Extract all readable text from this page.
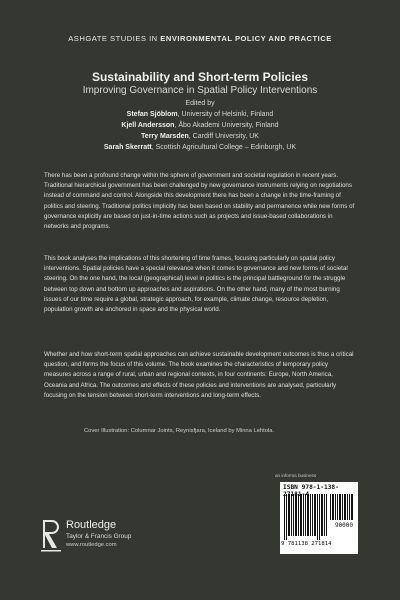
ASHGATE STUDIES IN ENVIRONMENTAL POLICY AND PRACTICE
Sustainability and Short-term Policies
Improving Governance in Spatial Policy Interventions
Edited by
Stefan Sjöblom, University of Helsinki, Finland
Kjell Andersson, Åbo Akademi University, Finland
Terry Marsden, Cardiff University, UK
Sarah Skerratt, Scottish Agricultural College – Edinburgh, UK
There has been a profound change within the sphere of government and societal regulation in recent years. Traditional hierarchical government has been challenged by new governance instruments relying on negotiations instead of command and control. Alongside this development there has been a change in the time-framing of politics and steering. Traditional politics implicitly has been based on stability and permanence while new forms of governance explicitly are based on just-in-time actions such as projects and issue-based collaborations in networks and programs.
This book analyses the implications of this shortening of time frames, focusing particularly on spatial policy interventions. Spatial policies have a special relevance when it comes to governance and new forms of societal steering. On the one hand, the local (geographical) level in politics is the principal battleground for the struggle between top down and bottom up approaches and aspirations. On the other hand, many of the most burning issues of our time require a global, strategic approach, for example, climate change, resource depletion, population growth are anchored in space and the physical world.
Whether and how short-term spatial approaches can achieve sustainable development outcomes is thus a critical question, and forms the focus of this volume. The book examines the characteristics of temporary policy measures across a range of rural, urban and regional contexts, in four continents: Europe, North America, Oceania and Africa. The outcomes and effects of these policies and interventions are analysed, particularly focusing on the tension between short-term interventions and long-term effects.
Cover Illustration: Columnar Joints, Reynisfjara, Iceland by Minna Lehtola.
an informa business
ISBN 978-1-138- 181-4
90000
9 781138 271814
Routledge
Taylor & Francis Group
www.routledge.com
